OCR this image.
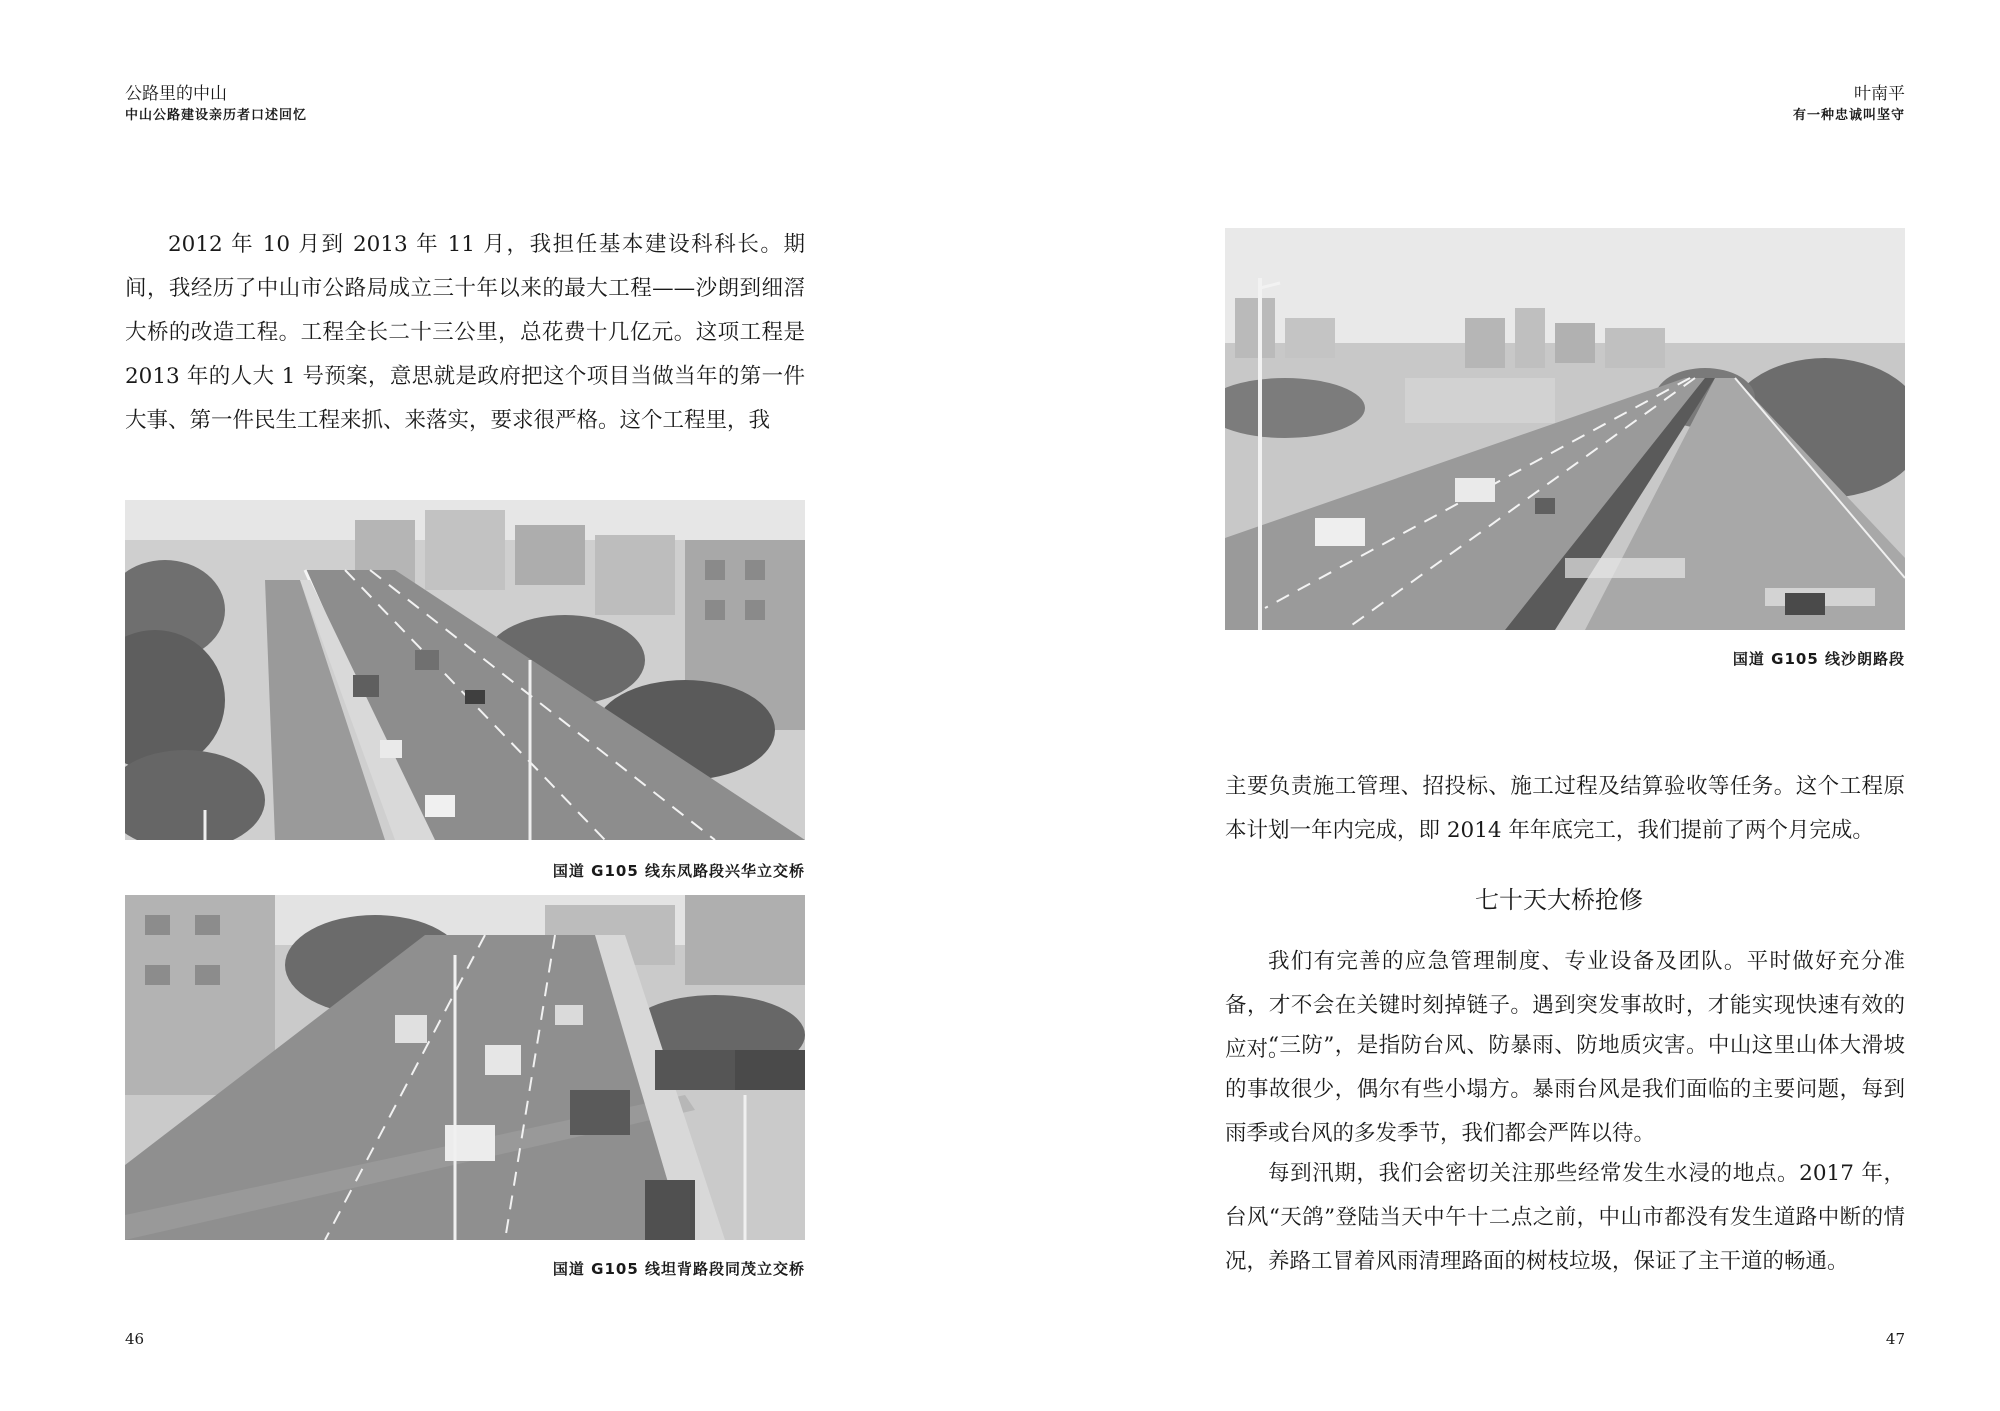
公路里的中山
中山公路建设亲历者口述回忆

2012 年 10 月到 2013 年 11 月，我担任基本建设科科长。期间，我经历了中山市公路局成立三十年以来的最大工程——沙朗到细滘大桥的改造工程。工程全长二十三公里，总花费十几亿元。这项工程是 2013 年的人大 1 号预案，意思就是政府把这个项目当做当年的第一件大事、第一件民生工程来抓、来落实，要求很严格。这个工程里，我

国道 G105 线东凤路段兴华立交桥
国道 G105 线坦背路段同茂立交桥
46
叶南平
有一种忠诚叫坚守
国道 G105 线沙朗路段

主要负责施工管理、招投标、施工过程及结算验收等任务。这个工程原本计划一年内完成，即 2014 年年底完工，我们提前了两个月完成。

七十天大桥抢修

我们有完善的应急管理制度、专业设备及团队。平时做好充分准备，才不会在关键时刻掉链子。遇到突发事故时，才能实现快速有效的应对。

“三防”，是指防台风、防暴雨、防地质灾害。中山这里山体大滑坡的事故很少，偶尔有些小塌方。暴雨台风是我们面临的主要问题，每到雨季或台风的多发季节，我们都会严阵以待。

每到汛期，我们会密切关注那些经常发生水浸的地点。2017 年，台风“天鸽”登陆当天中午十二点之前，中山市都没有发生道路中断的情况，养路工冒着风雨清理路面的树枝垃圾，保证了主干道的畅通。

47
